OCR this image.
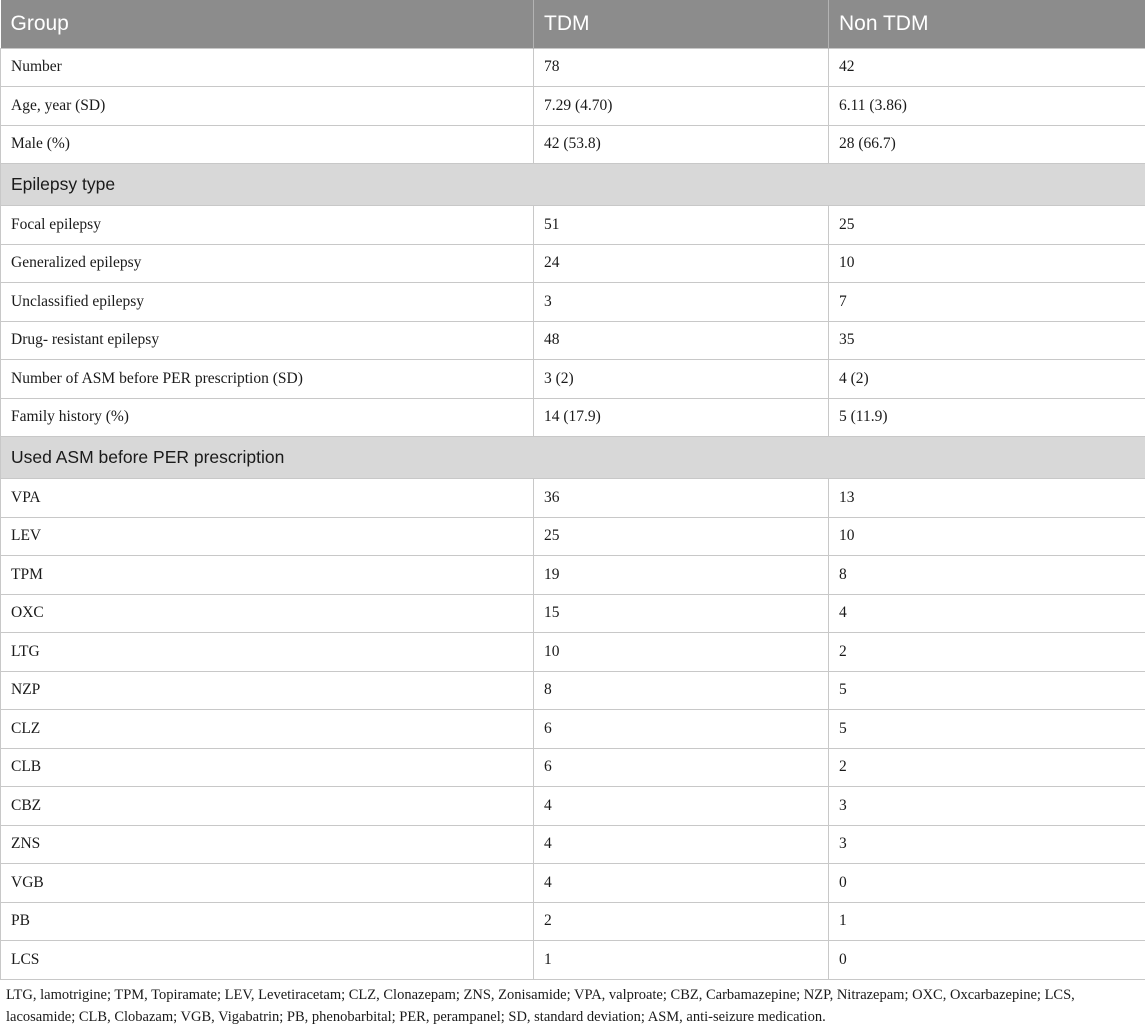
Group	TDM	Non TDM
Number	78	42
Age, year (SD)	7.29 (4.70)	6.11 (3.86)
Male (%)	42 (53.8)	28 (66.7)
Epilepsy type		
Focal epilepsy	51	25
Generalized epilepsy	24	10
Unclassified epilepsy	3	7
Drug- resistant epilepsy	48	35
Number of ASM before PER prescription (SD)	3 (2)	4 (2)
Family history (%)	14 (17.9)	5 (11.9)
Used ASM before PER prescription		
VPA	36	13
LEV	25	10
TPM	19	8
OXC	15	4
LTG	10	2
NZP	8	5
CLZ	6	5
CLB	6	2
CBZ	4	3
ZNS	4	3
VGB	4	0
PB	2	1
LCS	1	0
LTG, lamotrigine; TPM, Topiramate; LEV, Levetiracetam; CLZ, Clonazepam; ZNS, Zonisamide; VPA, valproate; CBZ, Carbamazepine; NZP, Nitrazepam; OXC, Oxcarbazepine; LCS, lacosamide; CLB, Clobazam; VGB, Vigabatrin; PB, phenobarbital; PER, perampanel; SD, standard deviation; ASM, anti-seizure medication.
